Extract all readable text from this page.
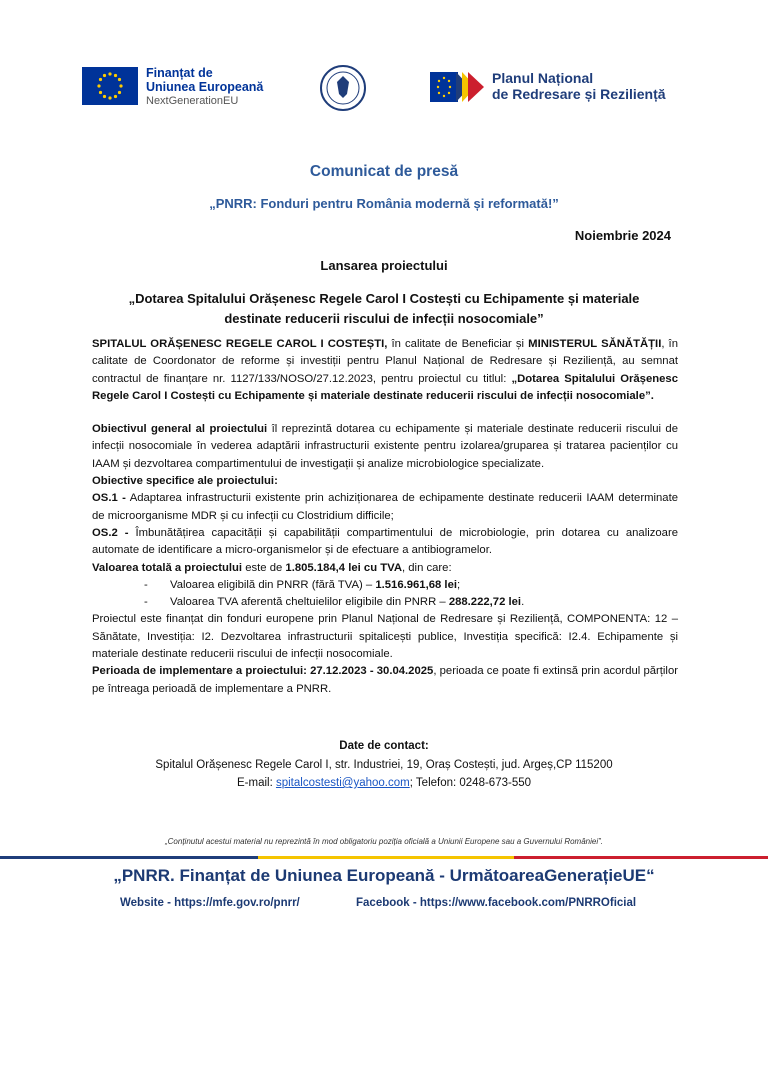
Finanțat de
Uniunea Europeană
NextGenerationEU
Planul Național
de Redresare și Reziliență
Comunicat de presă
„PNRR: Fonduri pentru România modernă și reformată!”
Noiembrie 2024
Lansarea proiectului
„Dotarea Spitalului Orășenesc Regele Carol I Costești cu Echipamente și materiale destinate reducerii riscului de infecții nosocomiale”

SPITALUL ORĂȘENESC REGELE CAROL I COSTEȘTI, în calitate de Beneficiar și MINISTERUL SĂNĂTĂȚII, în calitate de Coordonator de reforme și investiții pentru Planul Național de Redresare și Reziliență, au semnat contractul de finanțare nr. 1127/133/NOSO/27.12.2023, pentru proiectul cu titlul: „Dotarea Spitalului Orășenesc Regele Carol I Costești cu Echipamente și materiale destinate reducerii riscului de infecții nosocomiale”.

Obiectivul general al proiectului îl reprezintă dotarea cu echipamente și materiale destinate reducerii riscului de infecții nosocomiale în vederea adaptării infrastructurii existente pentru izolarea/gruparea și tratarea pacienților cu IAAM și dezvoltarea compartimentului de investigații și analize microbiologice specializate.

Obiective specifice ale proiectului:

OS.1 - Adaptarea infrastructurii existente prin achiziționarea de echipamente destinate reducerii IAAM determinate de microorganisme MDR și cu infecții cu Clostridium difficile;

OS.2 - Îmbunătățirea capacității și capabilității compartimentului de microbiologie, prin dotarea cu analizoare automate de identificare a micro-organismelor și de efectuare a antibiogramelor.

Valoarea totală a proiectului este de 1.805.184,4 lei cu TVA, din care:

-	Valoarea eligibilă din PNRR (fără TVA) – 1.516.961,68 lei;
-	Valoarea TVA aferentă cheltuielilor eligibile din PNRR – 288.222,72 lei.

Proiectul este finanțat din fonduri europene prin Planul Național de Redresare și Reziliență, COMPONENTA: 12 – Sănătate, Investiția: I2. Dezvoltarea infrastructurii spitalicești publice, Investiția specifică: I2.4. Echipamente și materiale destinate reducerii riscului de infecții nosocomiale.

Perioada de implementare a proiectului: 27.12.2023 - 30.04.2025, perioada ce poate fi extinsă prin acordul părților pe întreaga perioadă de implementare a PNRR.

Date de contact:
Spitalul Orășenesc Regele Carol I, str. Industriei, 19, Oraș Costești, jud. Argeș,CP 115200
E-mail: spitalcostesti@yahoo.com; Telefon: 0248-673-550
„Conținutul acestui material nu reprezintă în mod obligatoriu poziția oficială a Uniunii Europene sau a Guvernului României”.
„PNRR. Finanțat de Uniunea Europeană - UrmătoareaGenerațieUE“
Website - https://mfe.gov.ro/pnrr/	Facebook - https://www.facebook.com/PNRROficial
